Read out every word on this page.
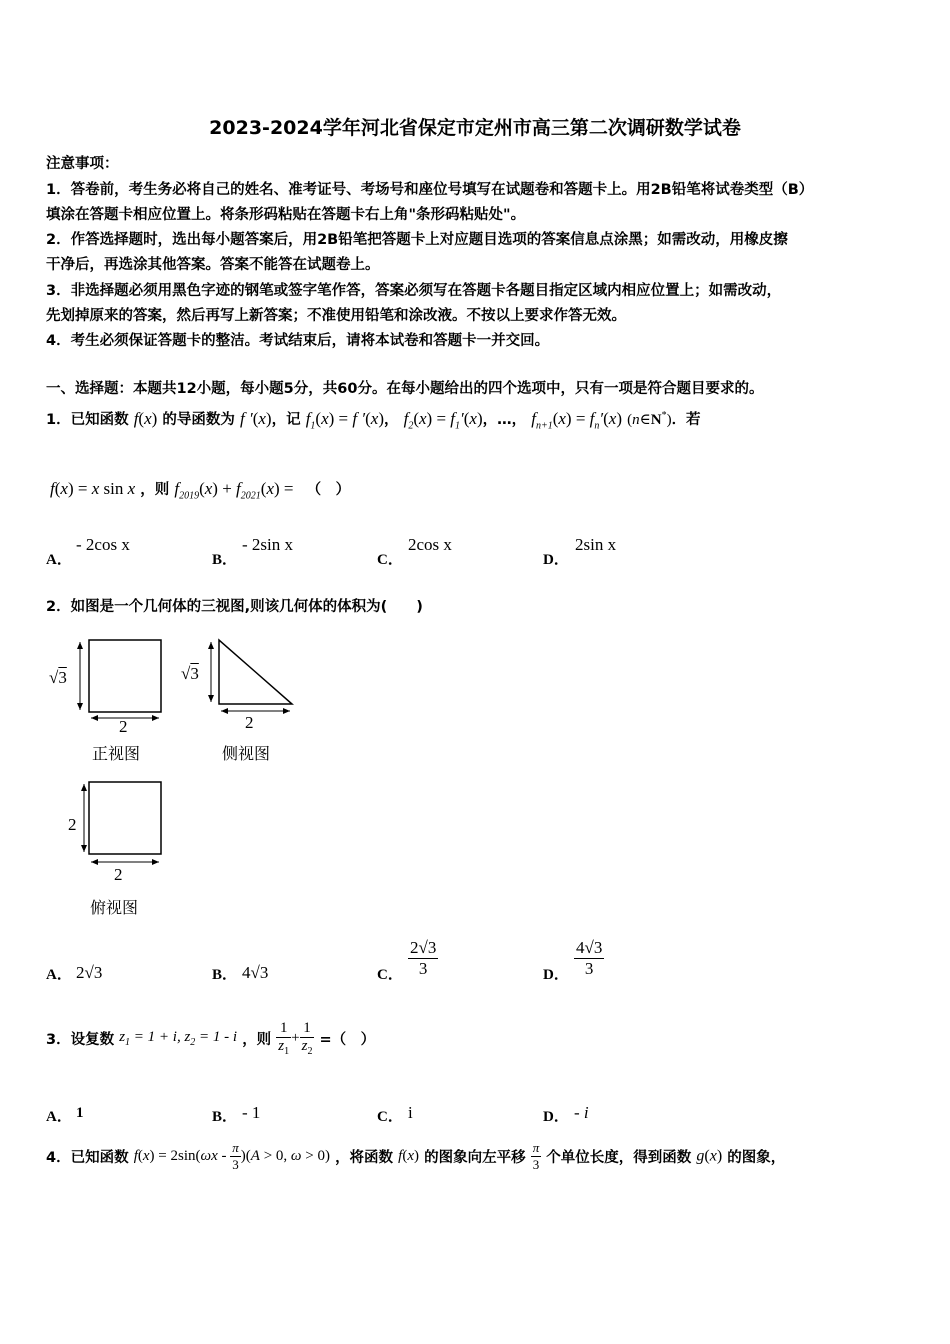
2023-2024学年河北省保定市定州市高三第二次调研数学试卷
注意事项：
1．答卷前，考生务必将自己的姓名、准考证号、考场号和座位号填写在试题卷和答题卡上。用2B铅笔将试卷类型（B）
填涂在答题卡相应位置上。将条形码粘贴在答题卡右上角"条形码粘贴处"。
2．作答选择题时，选出每小题答案后，用2B铅笔把答题卡上对应题目选项的答案信息点涂黑；如需改动，用橡皮擦
干净后，再选涂其他答案。答案不能答在试题卷上。
3．非选择题必须用黑色字迹的钢笔或签字笔作答，答案必须写在答题卡各题目指定区域内相应位置上；如需改动，
先划掉原来的答案，然后再写上新答案；不准使用铅笔和涂改液。不按以上要求作答无效。
4．考生必须保证答题卡的整洁。考试结束后，请将本试卷和答题卡一并交回。
一、选择题：本题共12小题，每小题5分，共60分。在每小题给出的四个选项中，只有一项是符合题目要求的。
1．已知函数 f(x) 的导函数为 f ′(x)，记 $f_1(x) = f$ ′(x)， $f_2(x) = f_1'(x)$，…， $f_{n+1}(x) = f_n'(x)$ (n∈N*)．若
f(x) = x sin x ，则 $f_{2019}(x) + f_{2021}(x)$ = （　）
A．
- 2cos x
B．
- 2sin x
C．
2cos x
D．
2sin x
2．如图是一个几何体的三视图,则该几何体的体积为(　　)
√3
2
√3
2
2
2
正视图	侧视图
俯视图
A． 2√3	B． 4√3	C． $\frac{2√3}{3}$	D． $\frac{4√3}{3}$
3．设复数 $z_1 = 1 + i$, $z_2 = 1 - i$ ，则 $\frac{1}{z_1} + \frac{1}{z_2}$ =（　）
A． 1	B． - 1	C． i	D． - i
4．已知函数 $f(x) = 2\sin(\omega x - \frac{\pi}{3} )(A > 0$, ω > 0) ，将函数 f(x) 的图象向左平移 $\frac{\pi}{3}$ 个单位长度，得到函数 g(x) 的图象，
